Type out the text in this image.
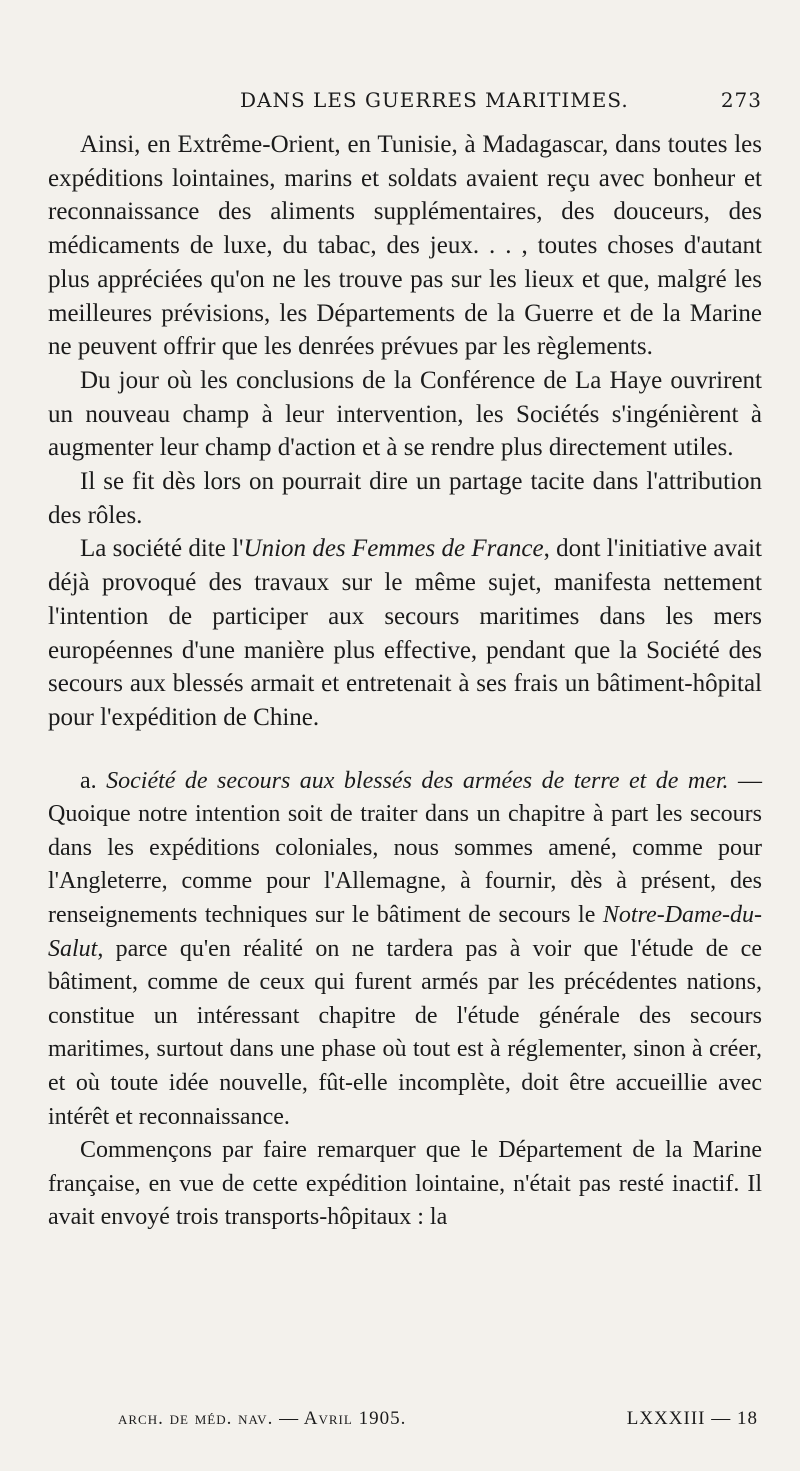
DANS LES GUERRES MARITIMES.	273

Ainsi, en Extrême-Orient, en Tunisie, à Madagascar, dans toutes les expéditions lointaines, marins et soldats avaient reçu avec bonheur et reconnaissance des aliments supplémentaires, des douceurs, des médicaments de luxe, du tabac, des jeux. . . , toutes choses d'autant plus appréciées qu'on ne les trouve pas sur les lieux et que, malgré les meilleures prévisions, les Départements de la Guerre et de la Marine ne peuvent offrir que les denrées prévues par les règlements.

Du jour où les conclusions de la Conférence de La Haye ouvrirent un nouveau champ à leur intervention, les Sociétés s'ingénièrent à augmenter leur champ d'action et à se rendre plus directement utiles.

Il se fit dès lors on pourrait dire un partage tacite dans l'attribution des rôles.

La société dite l'Union des Femmes de France, dont l'initiative avait déjà provoqué des travaux sur le même sujet, manifesta nettement l'intention de participer aux secours maritimes dans les mers européennes d'une manière plus effective, pendant que la Société des secours aux blessés armait et entretenait à ses frais un bâtiment-hôpital pour l'expédition de Chine.

a. Société de secours aux blessés des armées de terre et de mer. — Quoique notre intention soit de traiter dans un chapitre à part les secours dans les expéditions coloniales, nous sommes amené, comme pour l'Angleterre, comme pour l'Allemagne, à fournir, dès à présent, des renseignements techniques sur le bâtiment de secours le Notre-Dame-du-Salut, parce qu'en réalité on ne tardera pas à voir que l'étude de ce bâtiment, comme de ceux qui furent armés par les précédentes nations, constitue un intéressant chapitre de l'étude générale des secours maritimes, surtout dans une phase où tout est à réglementer, sinon à créer, et où toute idée nouvelle, fût-elle incomplète, doit être accueillie avec intérêt et reconnaissance.

Commençons par faire remarquer que le Département de la Marine française, en vue de cette expédition lointaine, n'était pas resté inactif. Il avait envoyé trois transports-hôpitaux : la

arch. de méd. nav. — Avril 1905.	LXXXIII — 18
